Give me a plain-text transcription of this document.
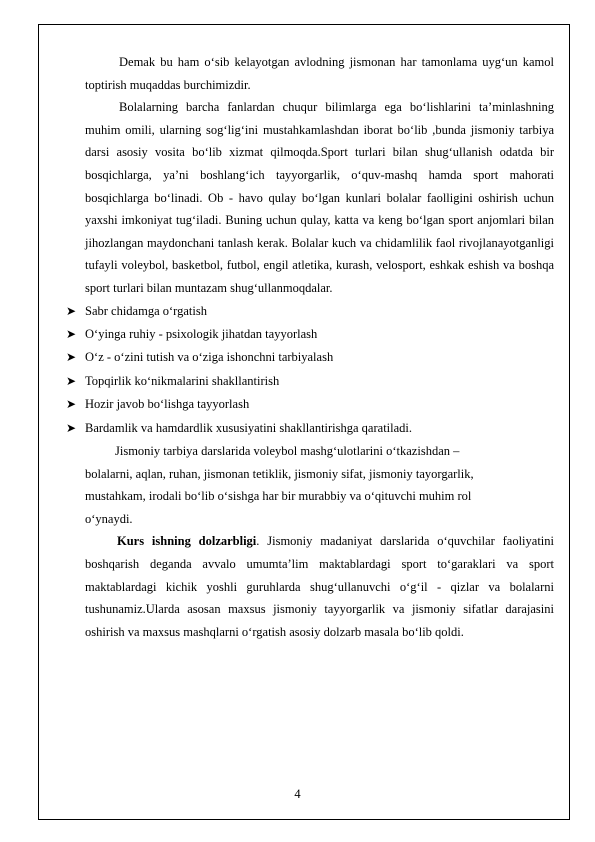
Demak bu ham o‘sib kelayotgan avlodning jismonan har tamonlama uyg‘un kamol toptirish muqaddas burchimizdir.

Bolalarning barcha fanlardan chuqur bilimlarga ega bo‘lishlarini ta’minlashning muhim omili, ularning sog‘lig‘ini mustahkamlashdan iborat bo‘lib ,bunda jismoniy tarbiya darsi asosiy vosita bo‘lib xizmat qilmoqda.Sport turlari bilan shug‘ullanish odatda bir bosqichlarga, ya’ni boshlang‘ich tayyorgarlik, o‘quv-mashq hamda sport mahorati bosqichlarga bo‘linadi. Ob - havo qulay bo‘lgan kunlari bolalar faolligini oshirish uchun yaxshi imkoniyat tug‘iladi. Buning uchun qulay, katta va keng bo‘lgan sport anjomlari bilan jihozlangan maydonchani tanlash kerak. Bolalar kuch va chidamlilik faol rivojlanayotganligi tufayli voleybol, basketbol, futbol, engil atletika, kurash, velosport, eshkak eshish va boshqa sport turlari bilan muntazam shug‘ullanmoqdalar.

➤ Sabr chidamga o‘rgatish
➤ O‘yinga ruhiy - psixologik jihatdan tayyorlash
➤ O‘z - o‘zini tutish va o‘ziga ishonchni tarbiyalash
➤ Topqirlik ko‘nikmalarini shakllantirish
➤ Hozir javob bo‘lishga tayyorlash
➤ Bardamlik va hamdardlik xususiyatini shakllantirishga qaratiladi.

Jismoniy tarbiya darslarida voleybol mashg‘ulotlarini o‘tkazishdan –

bolalarni, aqlan, ruhan, jismonan tetiklik, jismoniy sifat, jismoniy tayorgarlik,

mustahkam, irodali bo‘lib o‘sishga har bir murabbiy va o‘qituvchi muhim rol

o‘ynaydi.

Kurs ishning dolzarbligi. Jismoniy madaniyat darslarida o‘quvchilar faoliyatini boshqarish deganda avvalo umumta’lim maktablardagi sport to‘garaklari va sport maktablardagi kichik yoshli guruhlarda shug‘ullanuvchi o‘g‘il - qizlar va bolalarni tushunamiz.Ularda asosan maxsus jismoniy tayyorgarlik va jismoniy sifatlar darajasini oshirish va maxsus mashqlarni o‘rgatish asosiy dolzarb masala bo‘lib qoldi.

4
